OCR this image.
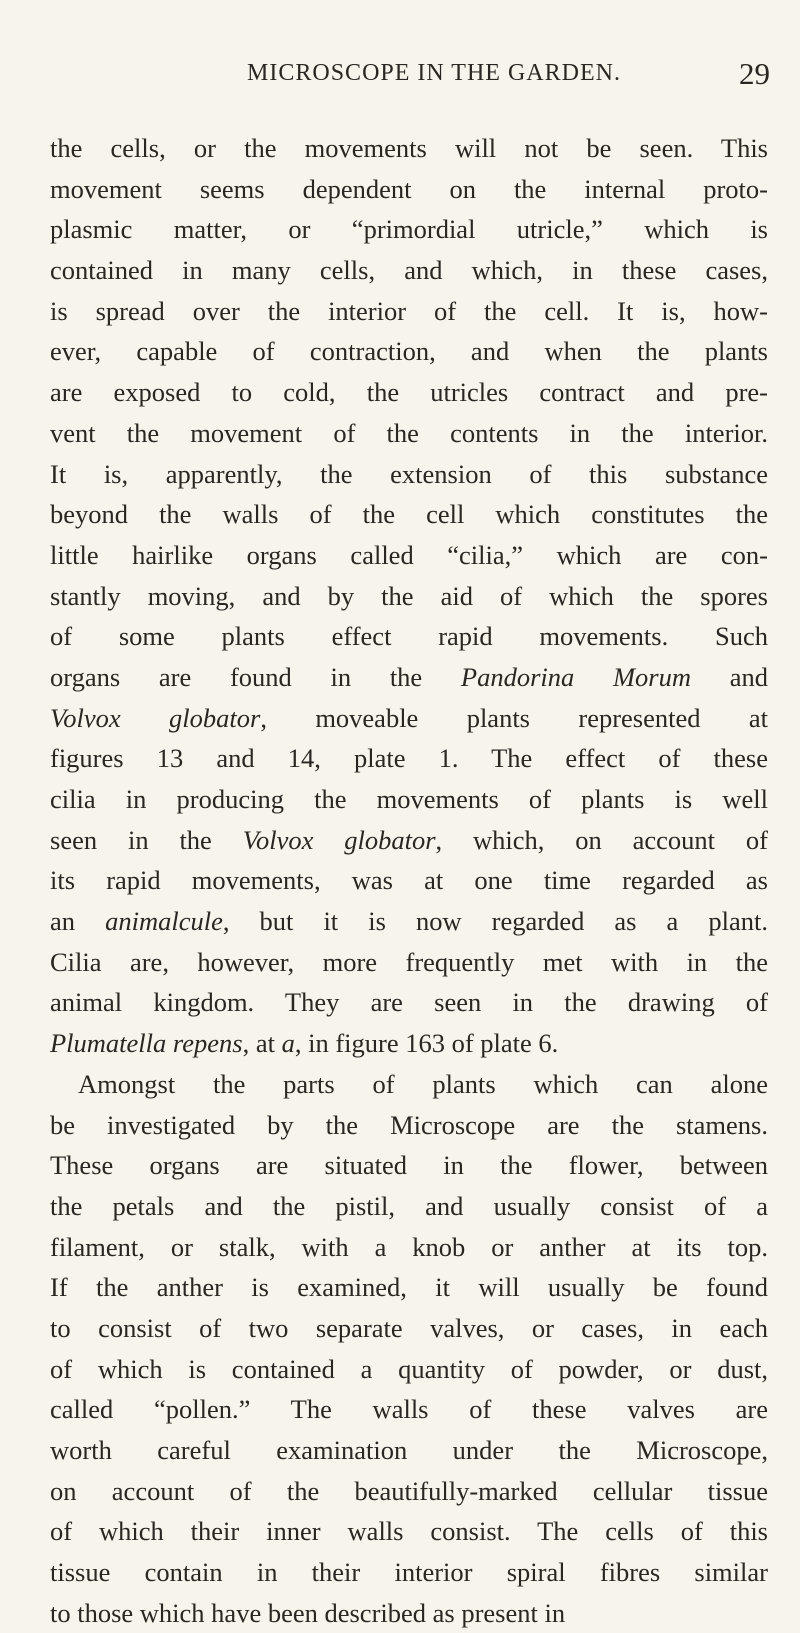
MICROSCOPE IN THE GARDEN.	29
the cells, or the movements will not be seen. This
movement seems dependent on the internal proto-
plasmic matter, or “primordial utricle,” which is
contained in many cells, and which, in these cases,
is spread over the interior of the cell. It is, how-
ever, capable of contraction, and when the plants
are exposed to cold, the utricles contract and pre-
vent the movement of the contents in the interior.
It is, apparently, the extension of this substance
beyond the walls of the cell which constitutes the
little hairlike organs called “cilia,” which are con-
stantly moving, and by the aid of which the spores
of some plants effect rapid movements. Such
organs are found in the Pandorina Morum and
Volvox globator, moveable plants represented at
figures 13 and 14, plate 1. The effect of these
cilia in producing the movements of plants is well
seen in the Volvox globator, which, on account of
its rapid movements, was at one time regarded as
an animalcule, but it is now regarded as a plant.
Cilia are, however, more frequently met with in the
animal kingdom. They are seen in the drawing of
Plumatella repens, at a, in figure 163 of plate 6.
Amongst the parts of plants which can alone
be investigated by the Microscope are the stamens.
These organs are situated in the flower, between
the petals and the pistil, and usually consist of a
filament, or stalk, with a knob or anther at its top.
If the anther is examined, it will usually be found
to consist of two separate valves, or cases, in each
of which is contained a quantity of powder, or dust,
called “pollen.” The walls of these valves are
worth careful examination under the Microscope,
on account of the beautifully-marked cellular tissue
of which their inner walls consist. The cells of this
tissue contain in their interior spiral fibres similar
to those which have been described as present in
